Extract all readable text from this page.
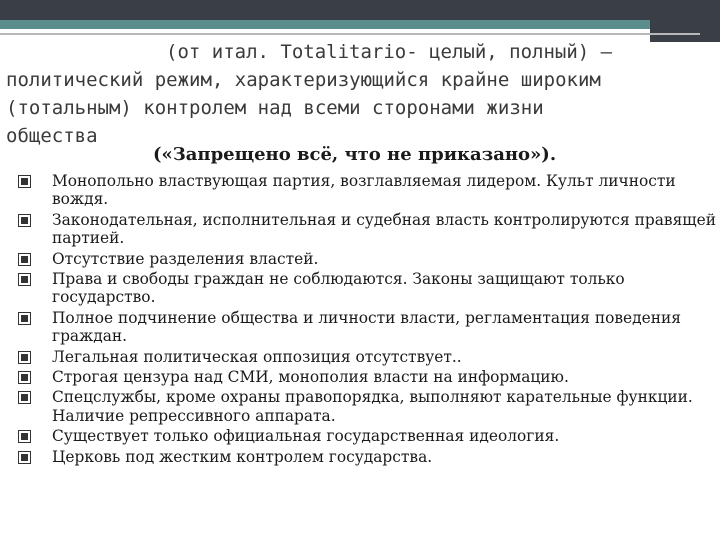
(от итал. Totalitario- целый, полный) —
политический режим, характеризующийся крайне широким
(тотальным) контролем над всеми сторонами жизни
общества

(«Запрещено всё, что не приказано»).

Монопольно властвующая партия, возглавляемая лидером. Культ личности вождя.
Законодательная, исполнительная и судебная власть контролируются правящей партией.
Отсутствие разделения властей.
Права и свободы граждан не соблюдаются. Законы защищают только государство.
Полное подчинение общества и личности власти, регламентация поведения граждан.
Легальная политическая оппозиция отсутствует..
Строгая цензура над СМИ, монополия власти на информацию.
Спецслужбы, кроме охраны правопорядка, выполняют карательные функции. Наличие репрессивного аппарата.
Существует только официальная государственная идеология.
Церковь под жестким контролем государства.
